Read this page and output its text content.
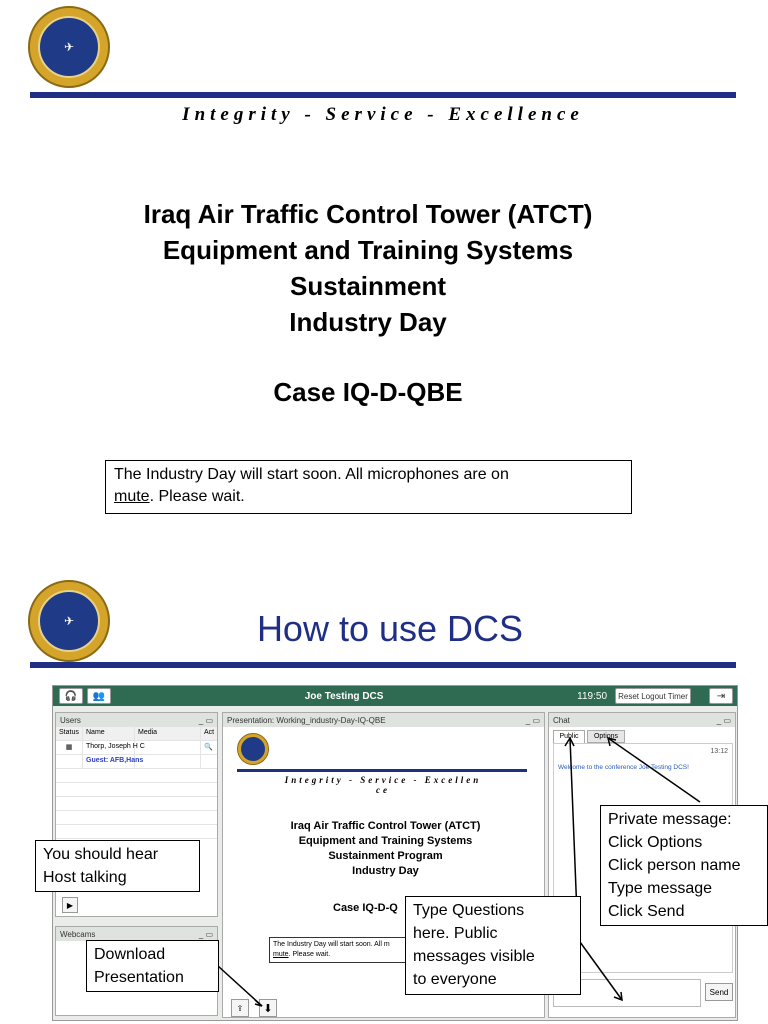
✈
Integrity - Service - Excellence
Iraq Air Traffic Control Tower (ATCT)
Equipment and Training Systems
Sustainment
Industry Day
Case IQ-D-QBE
The Industry Day will start soon. All microphones are on
mute. Please wait.
✈	How to use DCS
🎧	👥	Joe Testing DCS	119:50	Reset Logout Timer	⇥
Users	_ ▭
Status	Name	Media	Act
▦	Thorp, Joseph H C	🔍
Guest: AFB,Hans
▶
Webcams	_ ▭
Presentation: Working_industry-Day-IQ-QBE	_ ▭
Integrity - Service - Excellen
ce
Iraq Air Traffic Control Tower (ATCT)
Equipment and Training Systems
Sustainment Program
Industry Day
Case IQ-D-Q
The Industry Day will start soon. All m
mute. Please wait.
⇪	⬇
Chat	_ ▭
Public	Options
13:12
Welcome to the conference Joe Testing DCS!
Send
You should hear
Host talking
Download
Presentation
Type Questions
here. Public
messages visible
to everyone
Private message:
Click Options
Click person name
Type message
Click Send
